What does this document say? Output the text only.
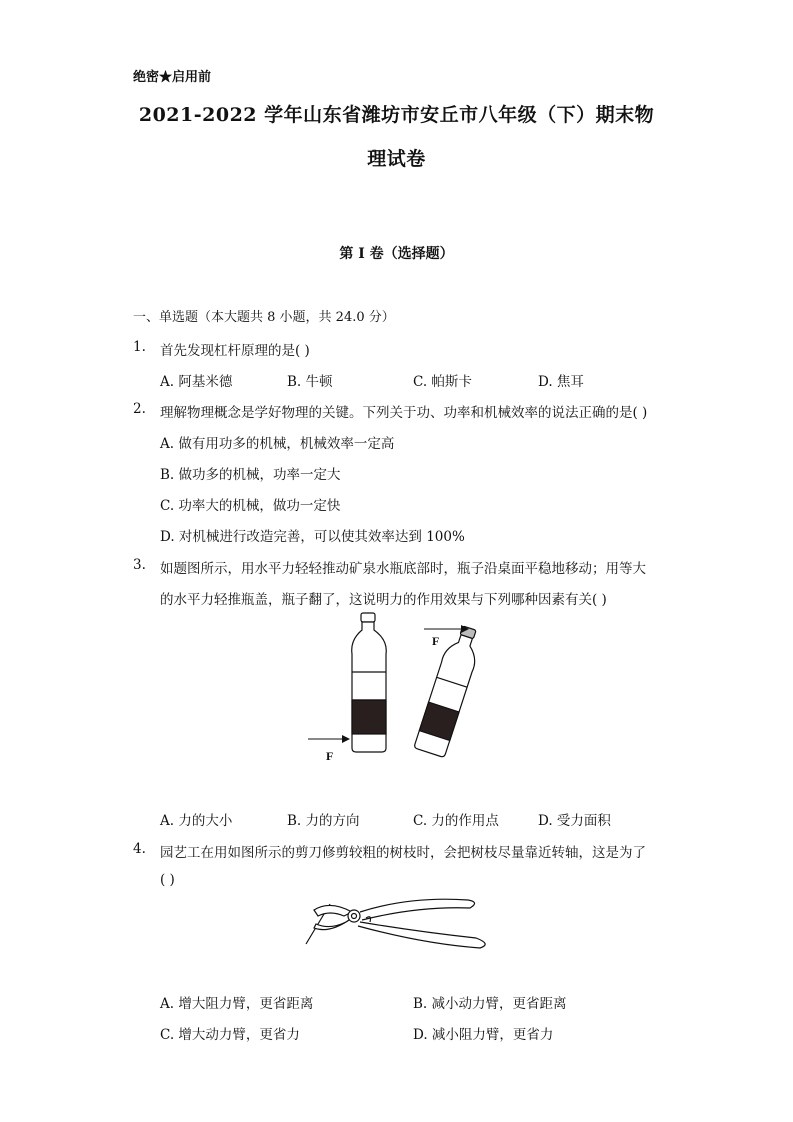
绝密★启用前
2021-2022 学年山东省潍坊市安丘市八年级（下）期末物
理试卷
第 I 卷（选择题）
一、单选题（本大题共 8 小题，共 24.0 分）
1. 首先发现杠杆原理的是( )
A. 阿基米德	B. 牛顿	C. 帕斯卡	D. 焦耳
2. 理解物理概念是学好物理的关键。下列关于功、功率和机械效率的说法正确的是( )
A. 做有用功多的机械，机械效率一定高
B. 做功多的机械，功率一定大
C. 功率大的机械，做功一定快
D. 对机械进行改造完善，可以使其效率达到 100%
3. 如题图所示，用水平力轻轻推动矿泉水瓶底部时，瓶子沿桌面平稳地移动；用等大
的水平力轻推瓶盖，瓶子翻了，这说明力的作用效果与下列哪种因素有关( )
F
F
A. 力的大小	B. 力的方向	C. 力的作用点	D. 受力面积
4. 园艺工在用如图所示的剪刀修剪较粗的树枝时，会把树枝尽量靠近转轴，这是为了
( )
A. 增大阻力臂，更省距离	B. 减小动力臂，更省距离
C. 增大动力臂，更省力	D. 减小阻力臂，更省力
